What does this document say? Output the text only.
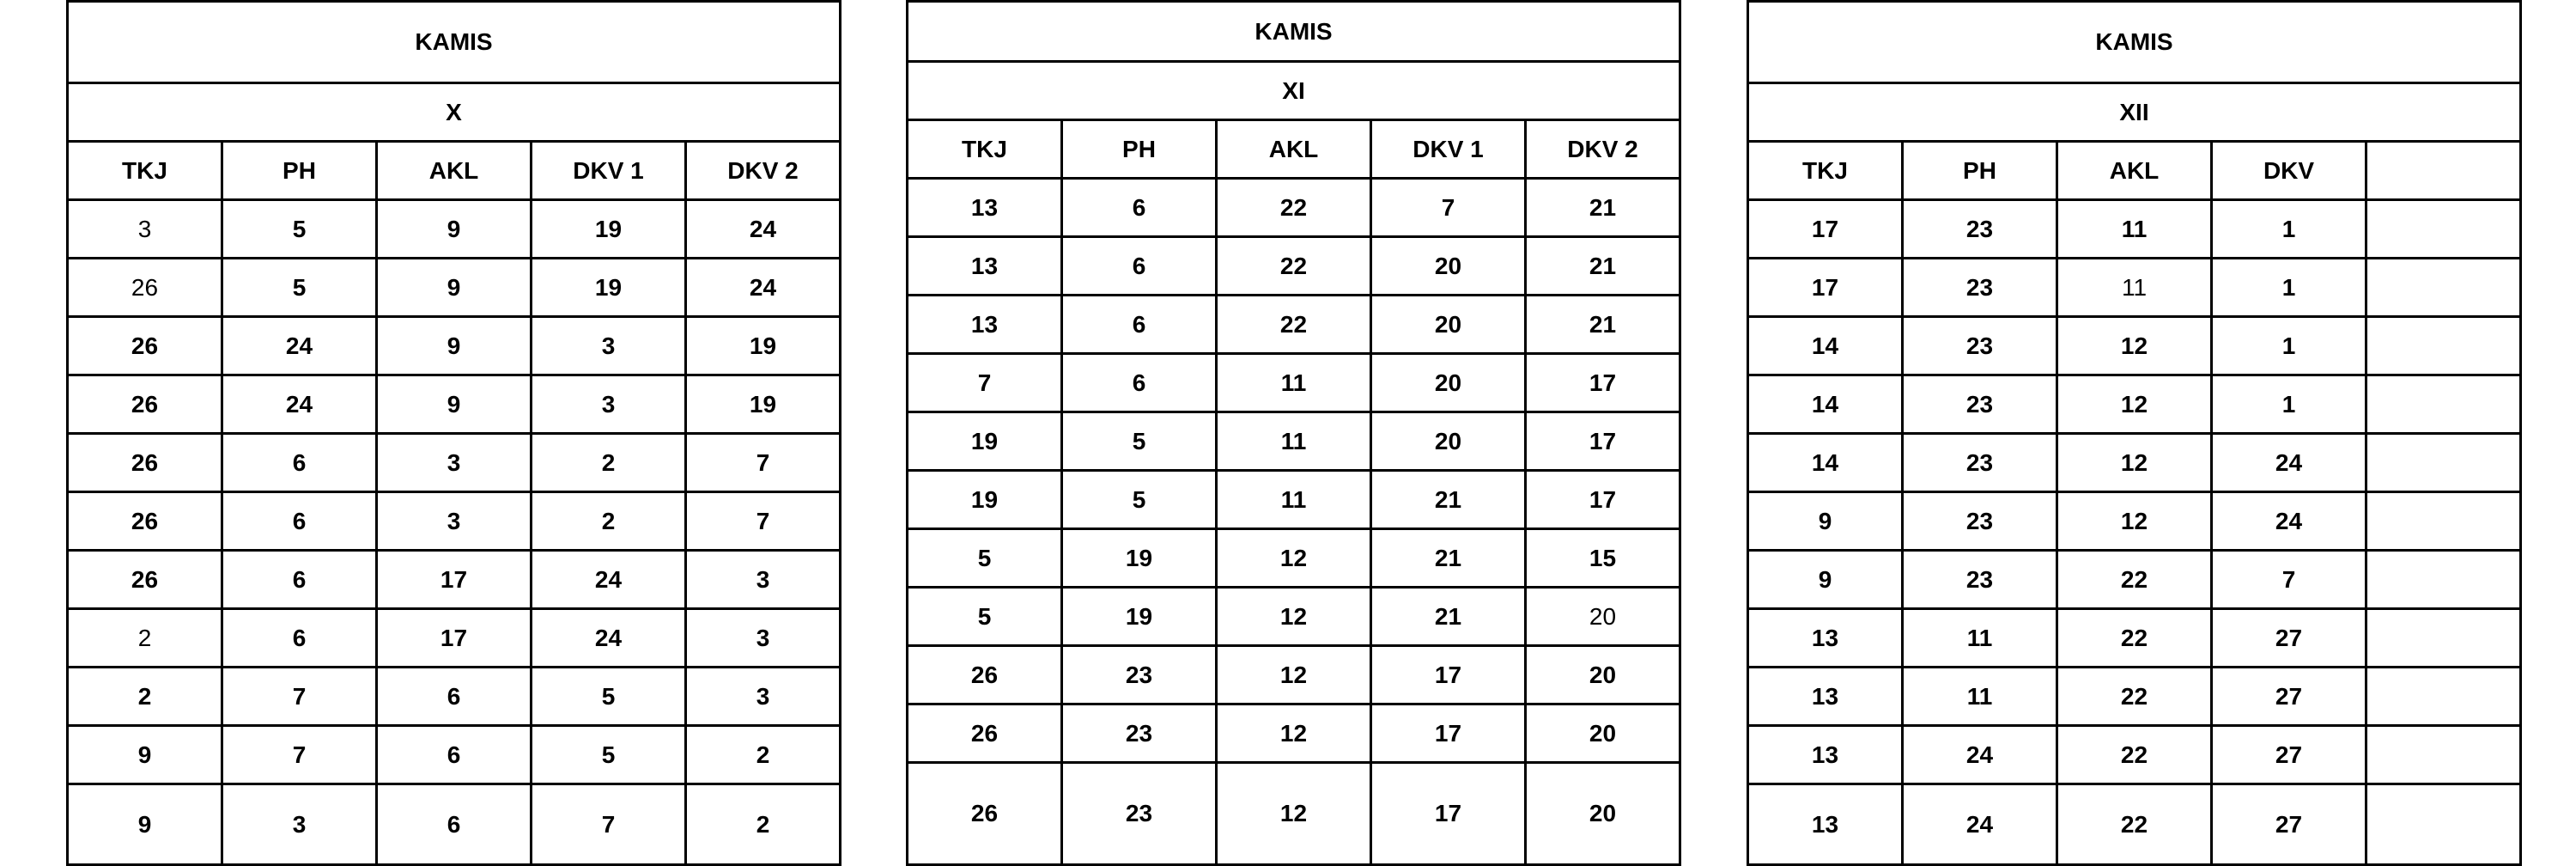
KAMIS				
X				
TKJ	PH	AKL	DKV 1	DKV 2
3	5	9	19	24
26	5	9	19	24
26	24	9	3	19
26	24	9	3	19
26	6	3	2	7
26	6	3	2	7
26	6	17	24	3
2	6	17	24	3
2	7	6	5	3
9	7	6	5	2
9	3	6	7	2
KAMIS				
XI				
TKJ	PH	AKL	DKV 1	DKV 2
13	6	22	7	21
13	6	22	20	21
13	6	22	20	21
7	6	11	20	17
19	5	11	20	17
19	5	11	21	17
5	19	12	21	15
5	19	12	21	20
26	23	12	17	20
26	23	12	17	20
26	23	12	17	20
KAMIS				
XII				
TKJ	PH	AKL	DKV	
17	23	11	1	
17	23	11	1	
14	23	12	1	
14	23	12	1	
14	23	12	24	
9	23	12	24	
9	23	22	7	
13	11	22	27	
13	11	22	27	
13	24	22	27	
13	24	22	27	
